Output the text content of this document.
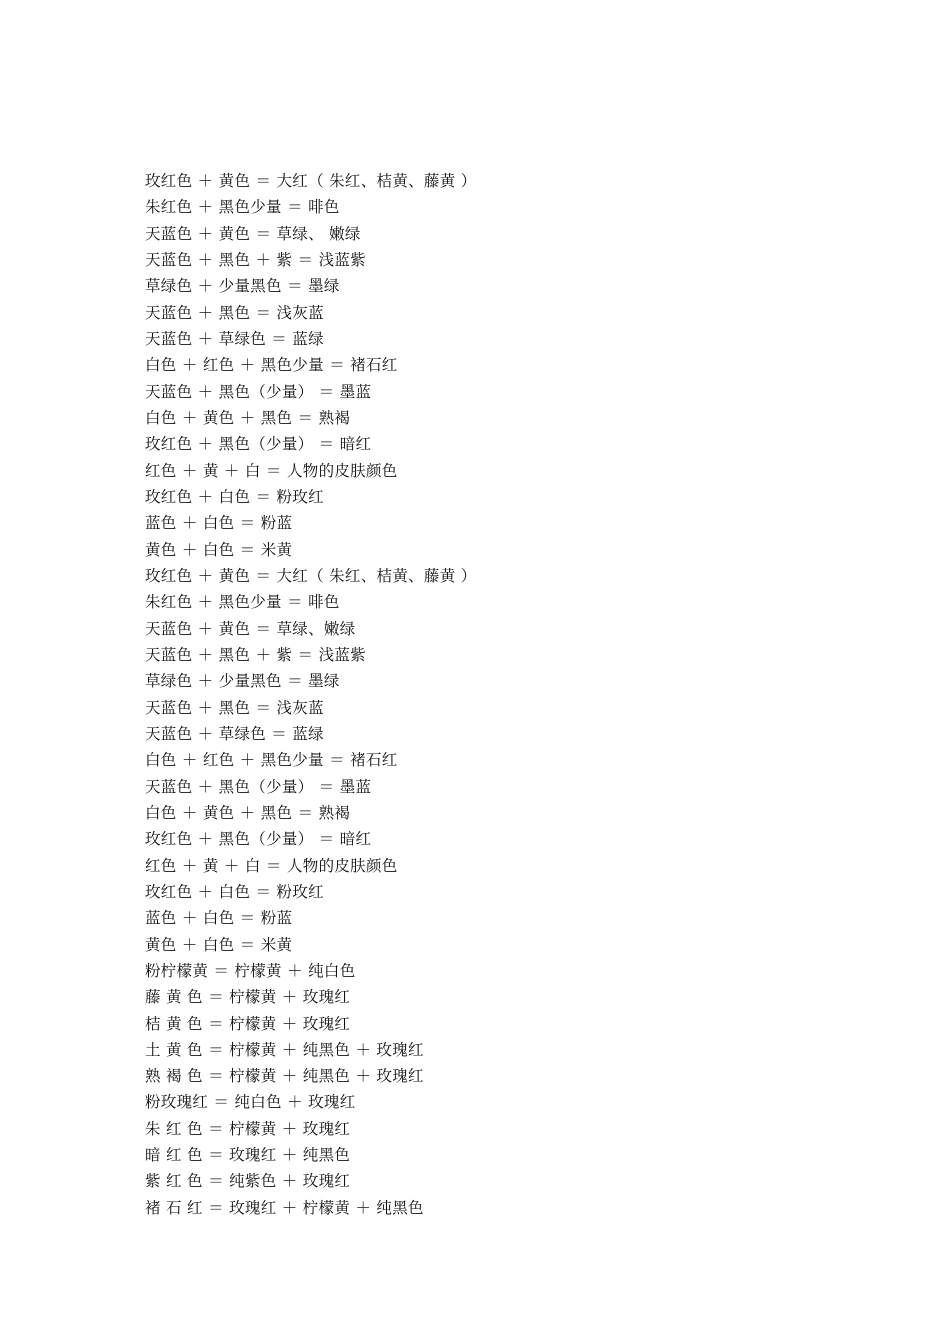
玫红色 ＋ 黄色 ＝ 大红（ 朱红、桔黄、藤黄 ）
朱红色 ＋ 黑色少量 ＝ 啡色
天蓝色 ＋ 黄色 ＝ 草绿、 嫩绿
天蓝色 ＋ 黑色 ＋ 紫 ＝ 浅蓝紫
草绿色 ＋ 少量黑色 ＝ 墨绿
天蓝色 ＋ 黑色 ＝ 浅灰蓝
天蓝色 ＋ 草绿色 ＝ 蓝绿
白色 ＋ 红色 ＋ 黑色少量 ＝ 褚石红
天蓝色 ＋ 黑色（少量） ＝ 墨蓝
白色 ＋ 黄色 ＋ 黑色 ＝ 熟褐
玫红色 ＋ 黑色（少量） ＝ 暗红
红色 ＋ 黄 ＋ 白 ＝ 人物的皮肤颜色
玫红色 ＋ 白色 ＝ 粉玫红
蓝色 ＋ 白色 ＝ 粉蓝
黄色 ＋ 白色 ＝ 米黄
玫红色 ＋ 黄色 ＝ 大红（ 朱红、桔黄、藤黄 ）
朱红色 ＋ 黑色少量 ＝ 啡色
天蓝色 ＋ 黄色 ＝ 草绿、嫩绿
天蓝色 ＋ 黑色 ＋ 紫 ＝ 浅蓝紫
草绿色 ＋ 少量黑色 ＝ 墨绿
天蓝色 ＋ 黑色 ＝ 浅灰蓝
天蓝色 ＋ 草绿色 ＝ 蓝绿
白色 ＋ 红色 ＋ 黑色少量 ＝ 褚石红
天蓝色 ＋ 黑色（少量） ＝ 墨蓝
白色 ＋ 黄色 ＋ 黑色 ＝ 熟褐
玫红色 ＋ 黑色（少量） ＝ 暗红
红色 ＋ 黄 ＋ 白 ＝ 人物的皮肤颜色
玫红色 ＋ 白色 ＝ 粉玫红
蓝色 ＋ 白色 ＝ 粉蓝
黄色 ＋ 白色 ＝ 米黄
粉柠檬黄 ＝ 柠檬黄 ＋ 纯白色
藤 黄 色 ＝ 柠檬黄 ＋ 玫瑰红
桔 黄 色 ＝ 柠檬黄 ＋ 玫瑰红
土 黄 色 ＝ 柠檬黄 ＋ 纯黑色 ＋ 玫瑰红
熟 褐 色 ＝ 柠檬黄 ＋ 纯黑色 ＋ 玫瑰红
粉玫瑰红 ＝ 纯白色 ＋ 玫瑰红
朱 红 色 ＝ 柠檬黄 ＋ 玫瑰红
暗 红 色 ＝ 玫瑰红 ＋ 纯黑色
紫 红 色 ＝ 纯紫色 ＋ 玫瑰红
褚 石 红 ＝ 玫瑰红 ＋ 柠檬黄 ＋ 纯黑色
